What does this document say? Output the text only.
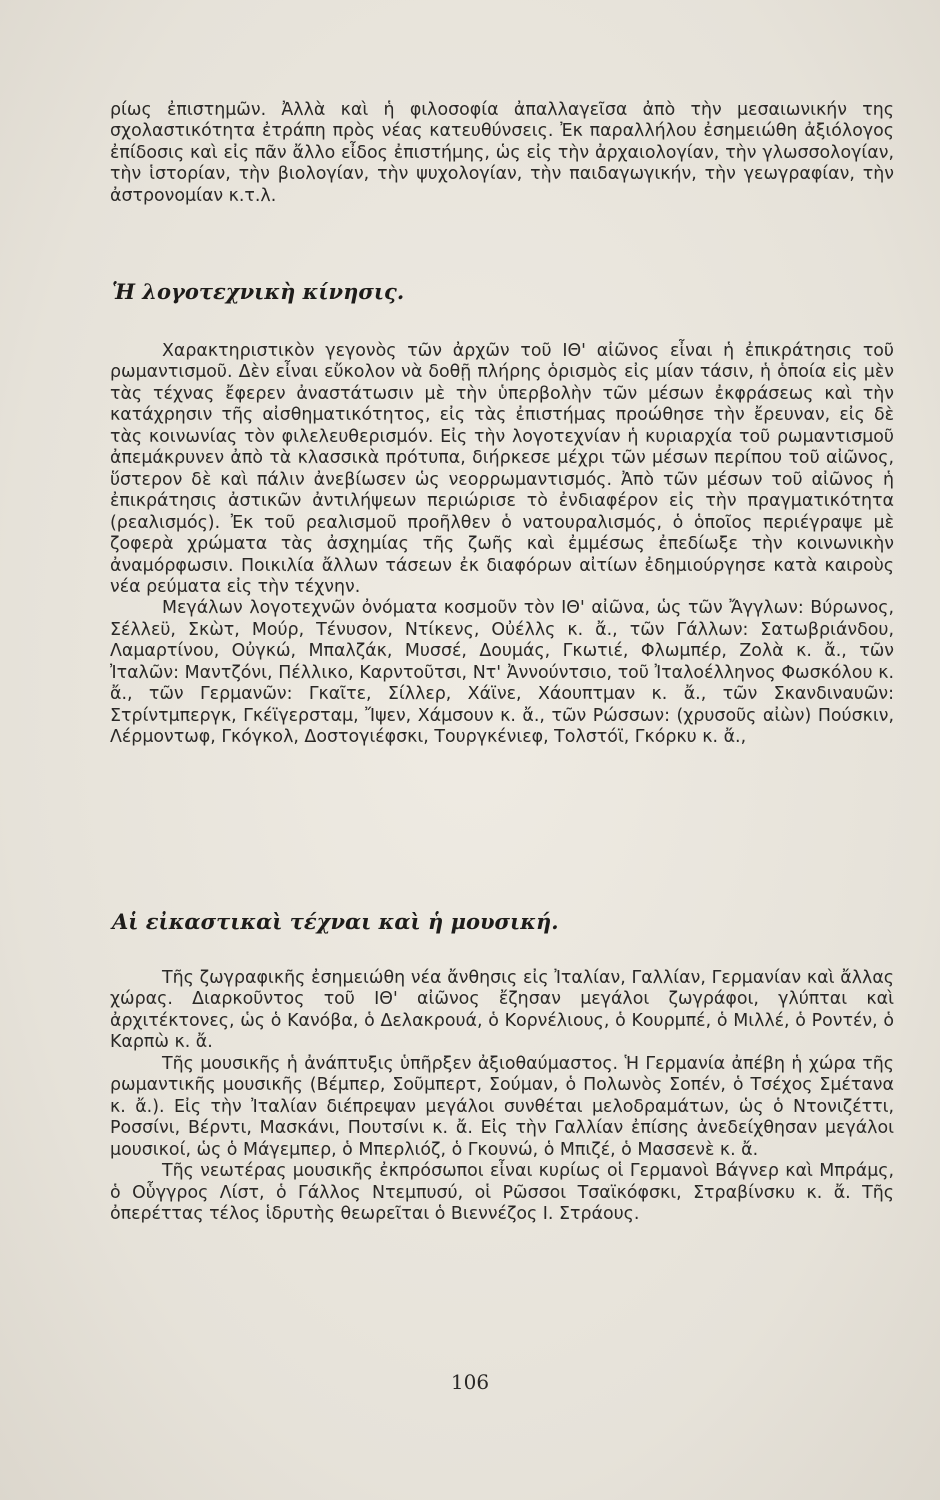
ρίως ἐπιστημῶν. Ἀλλὰ καὶ ἡ φιλοσοφία ἀπαλλαγεῖσα ἀπὸ τὴν μεσαιωνικήν της σχολαστικότητα ἐτράπη πρὸς νέας κατευθύνσεις. Ἐκ παραλλήλου ἐσημειώθη ἀξιόλογος ἐπίδοσις καὶ εἰς πᾶν ἄλλο εἶδος ἐπιστήμης, ὡς εἰς τὴν ἀρχαιολογίαν, τὴν γλωσσολογίαν, τὴν ἱστορίαν, τὴν βιολογίαν, τὴν ψυχολογίαν, τὴν παιδαγωγικήν, τὴν γεωγραφίαν, τὴν ἀστρονομίαν κ.τ.λ.

Ἡ λογοτεχνικὴ κίνησις.

Χαρακτηριστικὸν γεγονὸς τῶν ἀρχῶν τοῦ ΙΘ' αἰῶνος εἶναι ἡ ἐπικράτησις τοῦ ρωμαντισμοῦ. Δὲν εἶναι εὔκολον νὰ δοθῇ πλήρης ὁρισμὸς εἰς μίαν τάσιν, ἡ ὁποία εἰς μὲν τὰς τέχνας ἔφερεν ἀναστάτωσιν μὲ τὴν ὑπερβολὴν τῶν μέσων ἐκφράσεως καὶ τὴν κατάχρησιν τῆς αἰσθηματικότητος, εἰς τὰς ἐπιστήμας προώθησε τὴν ἔρευναν, εἰς δὲ τὰς κοινωνίας τὸν φιλελευθερισμόν. Εἰς τὴν λογοτεχνίαν ἡ κυριαρχία τοῦ ρωμαντισμοῦ ἀπεμάκρυνεν ἀπὸ τὰ κλασσικὰ πρότυπα, διήρκεσε μέχρι τῶν μέσων περίπου τοῦ αἰῶνος, ὕστερον δὲ καὶ πάλιν ἀνεβίωσεν ὡς νεορρωμαντισμός. Ἀπὸ τῶν μέσων τοῦ αἰῶνος ἡ ἐπικράτησις ἀστικῶν ἀντιλήψεων περιώρισε τὸ ἐνδιαφέρον εἰς τὴν πραγματικότητα (ρεαλισμός). Ἐκ τοῦ ρεαλισμοῦ προῆλθεν ὁ νατουραλισμός, ὁ ὁποῖος περιέγραψε μὲ ζοφερὰ χρώματα τὰς ἀσχημίας τῆς ζωῆς καὶ ἐμμέσως ἐπεδίωξε τὴν κοινωνικὴν ἀναμόρφωσιν. Ποικιλία ἄλλων τάσεων ἐκ διαφόρων αἰτίων ἐδημιούργησε κατὰ καιροὺς νέα ρεύματα εἰς τὴν τέχνην.

Μεγάλων λογοτεχνῶν ὀνόματα κοσμοῦν τὸν ΙΘ' αἰῶνα, ὡς τῶν Ἄγγλων: Βύρωνος, Σέλλεϋ, Σκὼτ, Μούρ, Τένυσον, Ντίκενς, Οὐέλλς κ. ἄ., τῶν Γάλλων: Σατωβριάνδου, Λαμαρτίνου, Οὐγκώ, Μπαλζάκ, Μυσσέ, Δουμάς, Γκωτιέ, Φλωμπέρ, Ζολὰ κ. ἄ., τῶν Ἰταλῶν: Μαντζόνι, Πέλλικο, Καρντοῦτσι, Ντ' Ἀννούντσιο, τοῦ Ἰταλοέλληνος Φωσκόλου κ. ἄ., τῶν Γερμανῶν: Γκαῖτε, Σίλλερ, Χάϊνε, Χάουπτμαν κ. ἄ., τῶν Σκανδιναυῶν: Στρίντμπεργκ, Γκέϊγερσταμ, Ἴψεν, Χάμσουν κ. ἄ., τῶν Ρώσσων: (χρυσοῦς αἰὼν) Πούσκιν, Λέρμοντωφ, Γκόγκολ, Δοστογιέφσκι, Τουργκένιεφ, Τολστόϊ, Γκόρκυ κ. ἄ.,

Αἱ εἰκαστικαὶ τέχναι καὶ ἡ μουσική.

Τῆς ζωγραφικῆς ἐσημειώθη νέα ἄνθησις εἰς Ἰταλίαν, Γαλλίαν, Γερμανίαν καὶ ἄλλας χώρας. Διαρκοῦντος τοῦ ΙΘ' αἰῶνος ἔζησαν μεγάλοι ζωγράφοι, γλύπται καὶ ἀρχιτέκτονες, ὡς ὁ Κανόβα, ὁ Δελακρουά, ὁ Κορνέλιους, ὁ Κουρμπέ, ὁ Μιλλέ, ὁ Ροντέν, ὁ Καρπὼ κ. ἄ.

Τῆς μουσικῆς ἡ ἀνάπτυξις ὑπῆρξεν ἀξιοθαύμαστος. Ἡ Γερμανία ἀπέβη ἡ χώρα τῆς ρωμαντικῆς μουσικῆς (Βέμπερ, Σοῦμπερτ, Σούμαν, ὁ Πολωνὸς Σοπέν, ὁ Τσέχος Σμέτανα κ. ἄ.). Εἰς τὴν Ἰταλίαν διέπρεψαν μεγάλοι συνθέται μελοδραμάτων, ὡς ὁ Ντονιζέττι, Ροσσίνι, Βέρντι, Μασκάνι, Πουτσίνι κ. ἄ. Εἰς τὴν Γαλλίαν ἐπίσης ἀνεδείχθησαν μεγάλοι μουσικοί, ὡς ὁ Μάγεμπερ, ὁ Μπερλιόζ, ὁ Γκουνώ, ὁ Μπιζέ, ὁ Μασσενὲ κ. ἄ.

Τῆς νεωτέρας μουσικῆς ἐκπρόσωποι εἶναι κυρίως οἱ Γερμανοὶ Βάγνερ καὶ Μπράμς, ὁ Οὗγγρος Λίστ, ὁ Γάλλος Ντεμπυσύ, οἱ Ρῶσσοι Τσαϊκόφσκι, Στραβίνσκυ κ. ἄ. Τῆς ὀπερέττας τέλος ἱδρυτὴς θεωρεῖται ὁ Βιεννέζος Ι. Στράους.

106
